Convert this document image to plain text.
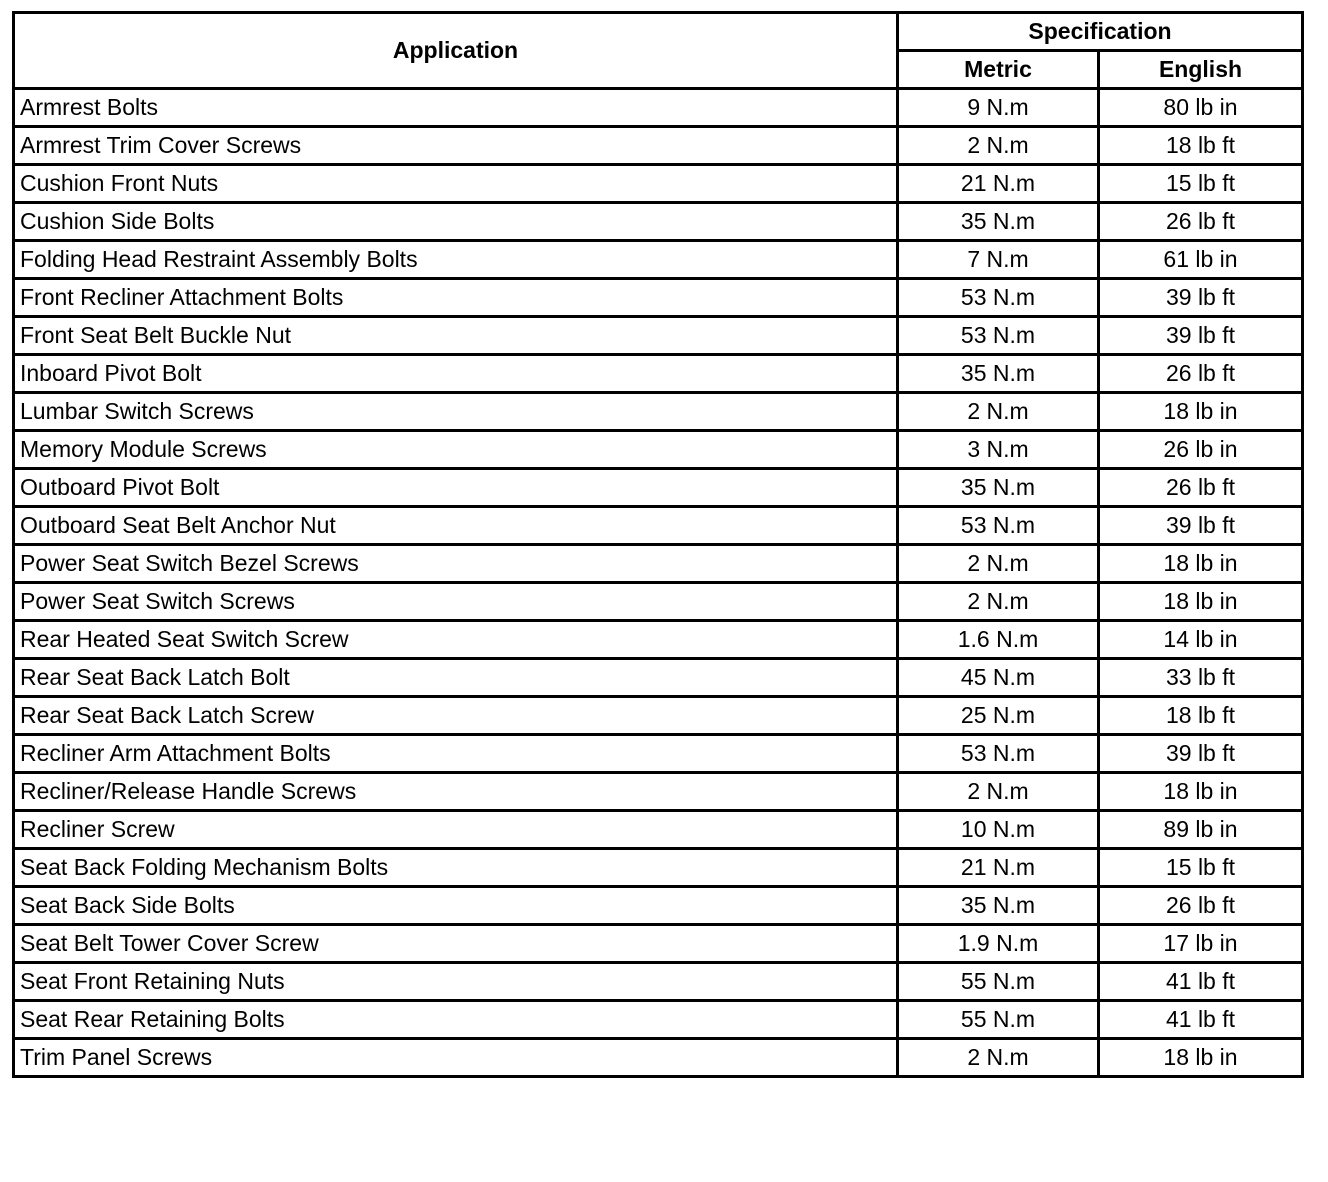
Application	Specification	
	Metric	English
Armrest Bolts	9 N.m	80 lb in
Armrest Trim Cover Screws	2 N.m	18 lb ft
Cushion Front Nuts	21 N.m	15 lb ft
Cushion Side Bolts	35 N.m	26 lb ft
Folding Head Restraint Assembly Bolts	7 N.m	61 lb in
Front Recliner Attachment Bolts	53 N.m	39 lb ft
Front Seat Belt Buckle Nut	53 N.m	39 lb ft
Inboard Pivot Bolt	35 N.m	26 lb ft
Lumbar Switch Screws	2 N.m	18 lb in
Memory Module Screws	3 N.m	26 lb in
Outboard Pivot Bolt	35 N.m	26 lb ft
Outboard Seat Belt Anchor Nut	53 N.m	39 lb ft
Power Seat Switch Bezel Screws	2 N.m	18 lb in
Power Seat Switch Screws	2 N.m	18 lb in
Rear Heated Seat Switch Screw	1.6 N.m	14 lb in
Rear Seat Back Latch Bolt	45 N.m	33 lb ft
Rear Seat Back Latch Screw	25 N.m	18 lb ft
Recliner Arm Attachment Bolts	53 N.m	39 lb ft
Recliner/Release Handle Screws	2 N.m	18 lb in
Recliner Screw	10 N.m	89 lb in
Seat Back Folding Mechanism Bolts	21 N.m	15 lb ft
Seat Back Side Bolts	35 N.m	26 lb ft
Seat Belt Tower Cover Screw	1.9 N.m	17 lb in
Seat Front Retaining Nuts	55 N.m	41 lb ft
Seat Rear Retaining Bolts	55 N.m	41 lb ft
Trim Panel Screws	2 N.m	18 lb in
